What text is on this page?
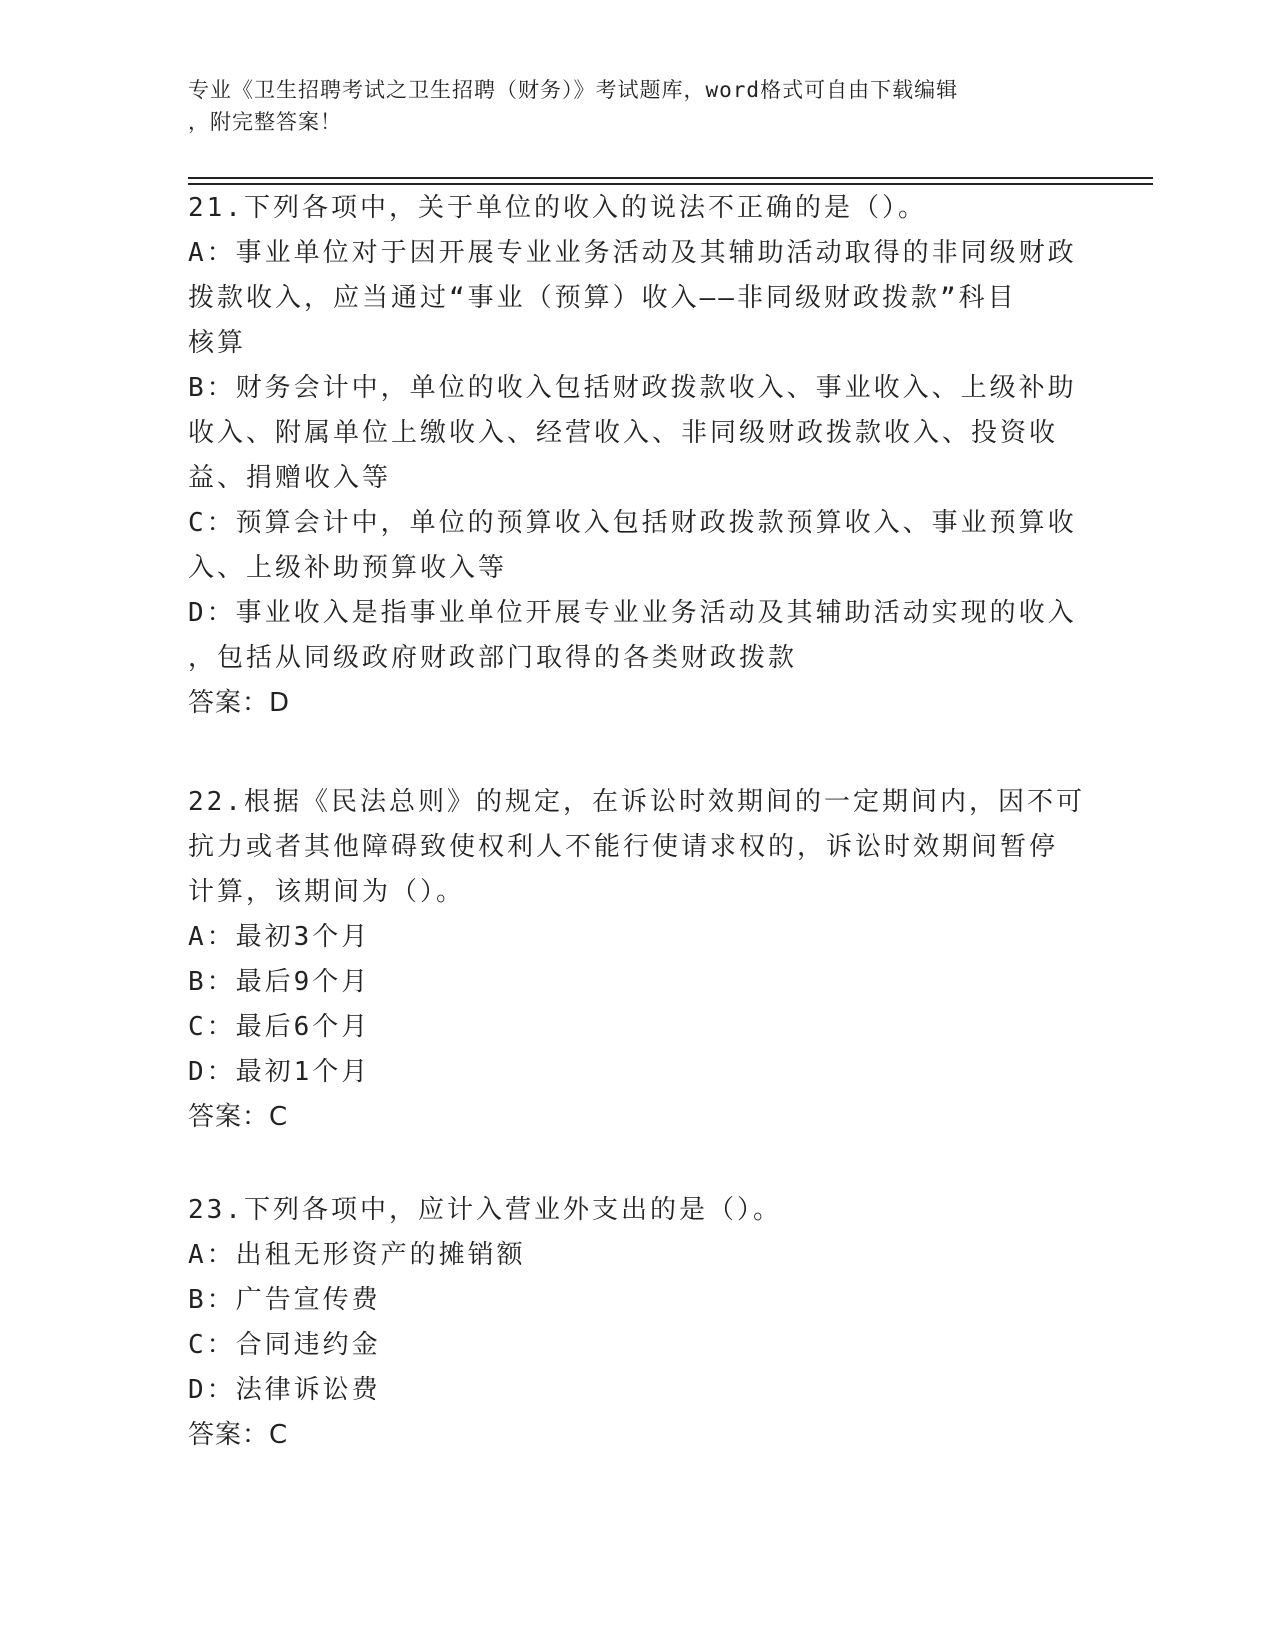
专业《卫生招聘考试之卫生招聘（财务）》考试题库，word格式可自由下载编辑

，附完整答案！

21.下列各项中，关于单位的收入的说法不正确的是（）。

A：事业单位对于因开展专业业务活动及其辅助活动取得的非同级财政

拨款收入，应当通过“事业（预算）收入——非同级财政拨款”科目

核算

B：财务会计中，单位的收入包括财政拨款收入、事业收入、上级补助

收入、附属单位上缴收入、经营收入、非同级财政拨款收入、投资收

益、捐赠收入等

C：预算会计中，单位的预算收入包括财政拨款预算收入、事业预算收

入、上级补助预算收入等

D：事业收入是指事业单位开展专业业务活动及其辅助活动实现的收入

，包括从同级政府财政部门取得的各类财政拨款

答案：D

22.根据《民法总则》的规定，在诉讼时效期间的一定期间内，因不可

抗力或者其他障碍致使权利人不能行使请求权的，诉讼时效期间暂停

计算，该期间为（）。

A：最初3个月

B：最后9个月

C：最后6个月

D：最初1个月

答案：C

23.下列各项中，应计入营业外支出的是（）。

A：出租无形资产的摊销额

B：广告宣传费

C：合同违约金

D：法律诉讼费

答案：C
